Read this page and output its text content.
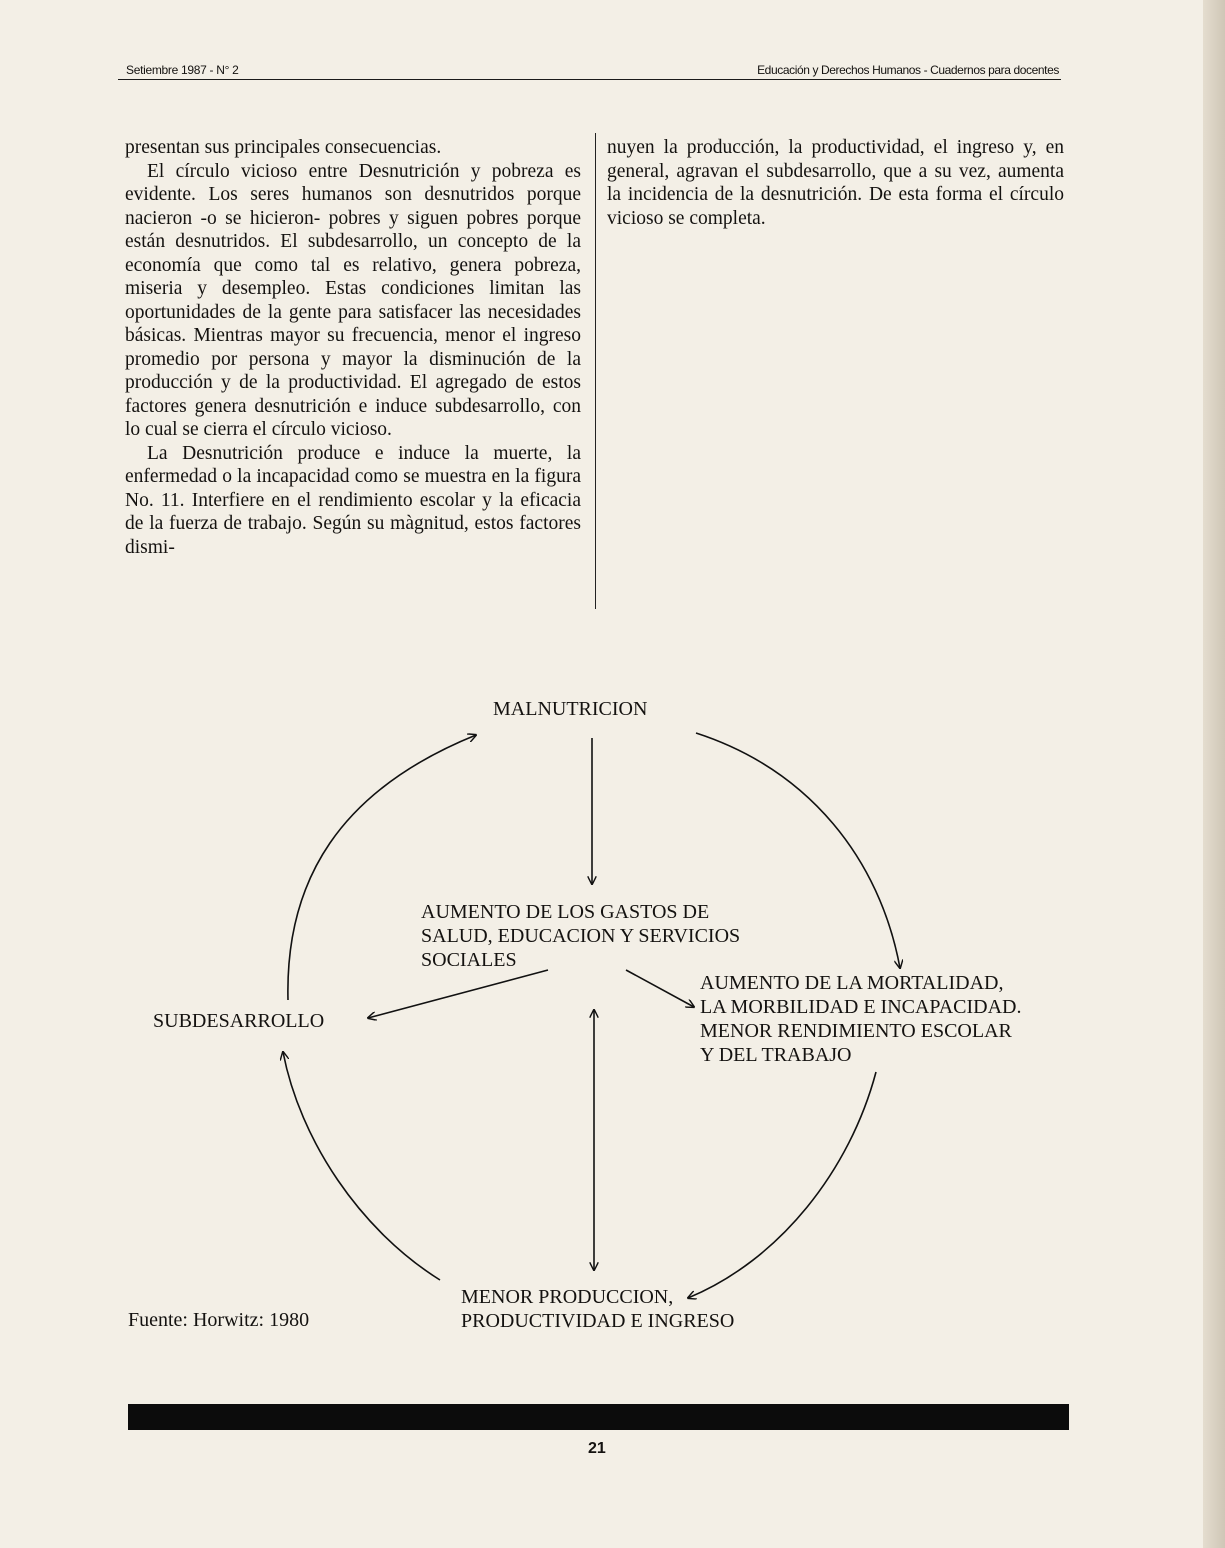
Setiembre 1987 - N° 2	Educación y Derechos Humanos - Cuadernos para docentes

presentan sus principales consecuencias.

El círculo vicioso entre Desnutrición y pobreza es evidente. Los seres humanos son desnutridos porque nacieron -o se hicieron- pobres y siguen pobres porque están desnutridos. El subdesarrollo, un concepto de la economía que como tal es relativo, genera pobreza, miseria y desempleo. Estas condiciones limitan las oportunidades de la gente para satisfacer las necesidades básicas. Mientras mayor su frecuencia, menor el ingreso promedio por persona y mayor la disminución de la producción y de la productividad. El agregado de estos factores genera desnutrición e induce subdesarrollo, con lo cual se cierra el círculo vicioso.

La Desnutrición produce e induce la muerte, la enfermedad o la incapacidad como se muestra en la figura No. 11. Interfiere en el rendimiento escolar y la eficacia de la fuerza de trabajo. Según su màgnitud, estos factores dismi-

nuyen la producción, la productividad, el ingreso y, en general, agravan el subdesarrollo, que a su vez, aumenta la incidencia de la desnutrición. De esta forma el círculo vicioso se completa.

MALNUTRICION
AUMENTO DE LOS GASTOS DE
SALUD, EDUCACION Y SERVICIOS
SOCIALES
AUMENTO DE LA MORTALIDAD,
LA MORBILIDAD E INCAPACIDAD.
MENOR RENDIMIENTO ESCOLAR
Y DEL TRABAJO
SUBDESARROLLO
MENOR PRODUCCION,
PRODUCTIVIDAD E INGRESO
Fuente: Horwitz: 1980
21
